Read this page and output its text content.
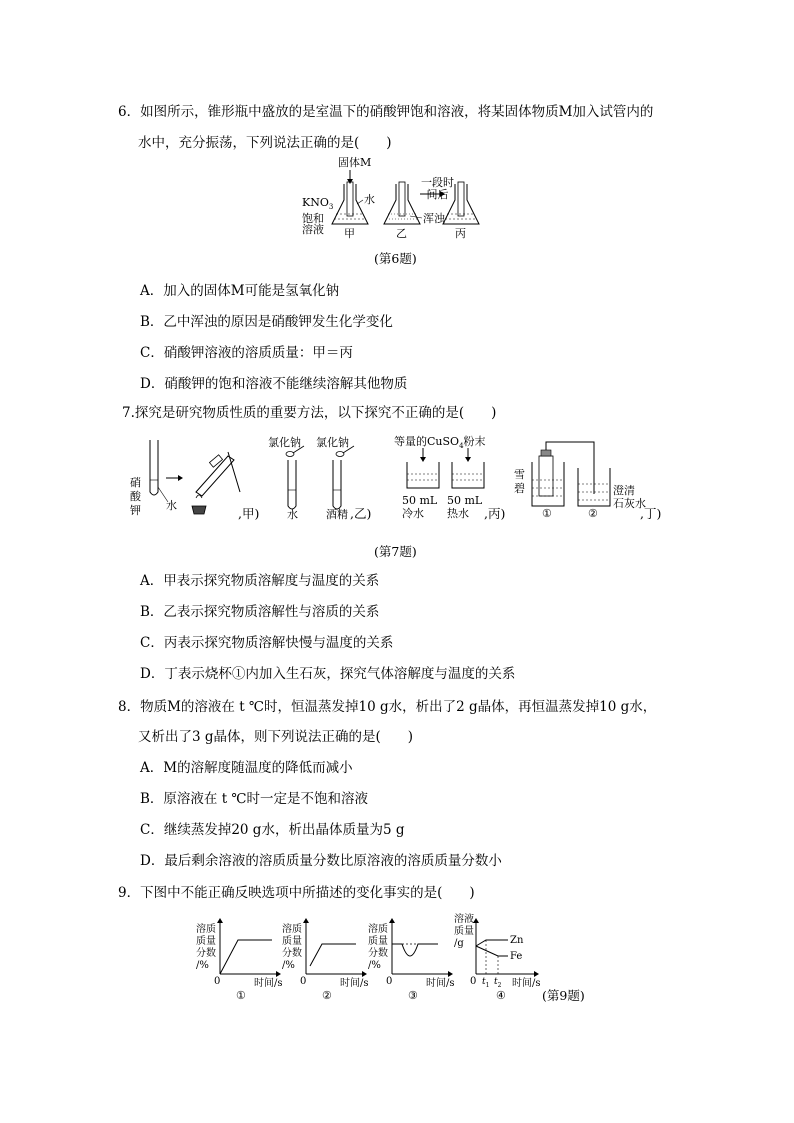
6．如图所示，锥形瓶中盛放的是室温下的硝酸钾饱和溶液，将某固体物质M加入试管内的
水中，充分振荡，下列说法正确的是(　　)
固体M
水
$KNO_3$
饱和
溶液
一段时
间后
浑浊
甲	乙	丙
(第6题)
A．加入的固体M可能是氢氧化钠
B．乙中浑浊的原因是硝酸钾发生化学变化
C．硝酸钾溶液的溶质质量：甲＝丙
D．硝酸钾的饱和溶液不能继续溶解其他物质
7.探究是研究物质性质的重要方法，以下探究不正确的是(　　)
硝
酸
钾 水
,甲)
氯化钠 氯化钠
水	酒精 ,乙)
等量的CuSO$_4$粉末
50 mL
冷水
50 mL
热水	,丙)
雪
碧
①	②
澄清
石灰水
,丁)
(第7题)
A．甲表示探究物质溶解度与温度的关系
B．乙表示探究物质溶解性与溶质的关系
C．丙表示探究物质溶解快慢与温度的关系
D．丁表示烧杯①内加入生石灰，探究气体溶解度与温度的关系
8．物质M的溶液在 t ℃时，恒温蒸发掉10 g水，析出了2 g晶体，再恒温蒸发掉10 g水，
又析出了3 g晶体，则下列说法正确的是(　　)
A．M的溶解度随温度的降低而减小
B．原溶液在 t ℃时一定是不饱和溶液
C．继续蒸发掉20 g水，析出晶体质量为5 g
D．最后剩余溶液的溶质质量分数比原溶液的溶质质量分数小
9．下图中不能正确反映选项中所描述的变化事实的是(　　)
溶质
质量
分数
/%
溶质
质量
分数
/%
溶质
质量
分数
/%
溶液
质量
/g
0	0	0	0
①	②	③	④
时间/s	时间/s	时间/s	时间/s
Zn
Fe
$t_1$ $t_2$
(第9题)
